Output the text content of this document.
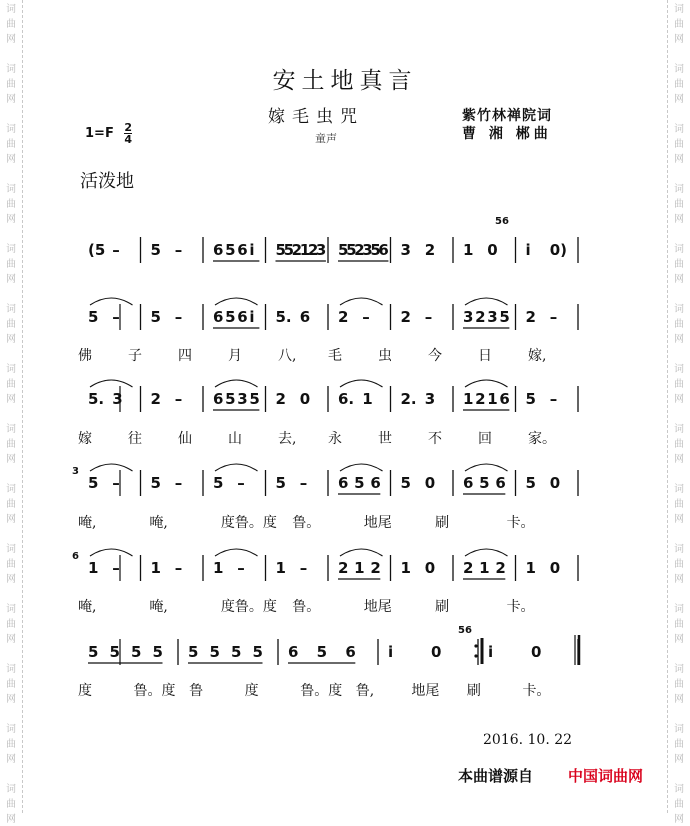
词
曲
网
词
曲
网
词
曲
网
词
曲
网
词
曲
网
词
曲
网
词
曲
网
词
曲
网
词
曲
网
词
曲
网
词
曲
网
词
曲
网
词
曲
网
词
曲
网
词
曲
网
词
曲
网
词
曲
网
词
曲
网
词
曲
网
词
曲
网
词
曲
网
词
曲
网
词
曲
网
词
曲
网
词
曲
网
词
曲
网
词
曲
网
词
曲
网
安土地真言
嫁毛虫咒
童声
紫竹林禅院词
曹 湘 郴曲
$1=F \frac{2}{4}$
活泼地
(5 – 5 – 6 5 6 i 5
5
2
1
2
3 5
5
2
3
5
6 3 2 1 0 i 0)
56
5 – 5 – 6 5 6 i 5. 6 2 – 2 – 3 2 3 5 2 –
佛	子	四	月	八, 毛	虫	今	日	嫁,
5. 3 2 – 6 5 3 5 2 0 6. 1 2. 3 1 2 1 6 5 –
嫁	往	仙	山	去, 永	世	不	回	家。
5 – 5 – 5 – 5 – 6 5 6 5 0 6 5 6 5 0
3
唵,	唵,	度鲁。度 鲁。	地尾	刷	卡。
1 – 1 – 1 – 1 – 2 1 2 1 0 2 1 2 1 0
6
唵,	唵,	度鲁。度 鲁。	地尾	刷	卡。
5 5 5 5 5 5 5 5 6 5 6 i	0	i	0
56
度	鲁。度 鲁	度	鲁。度 鲁,	地尾 刷	卡。
2016. 10. 22
本曲谱源自 中国词曲网
